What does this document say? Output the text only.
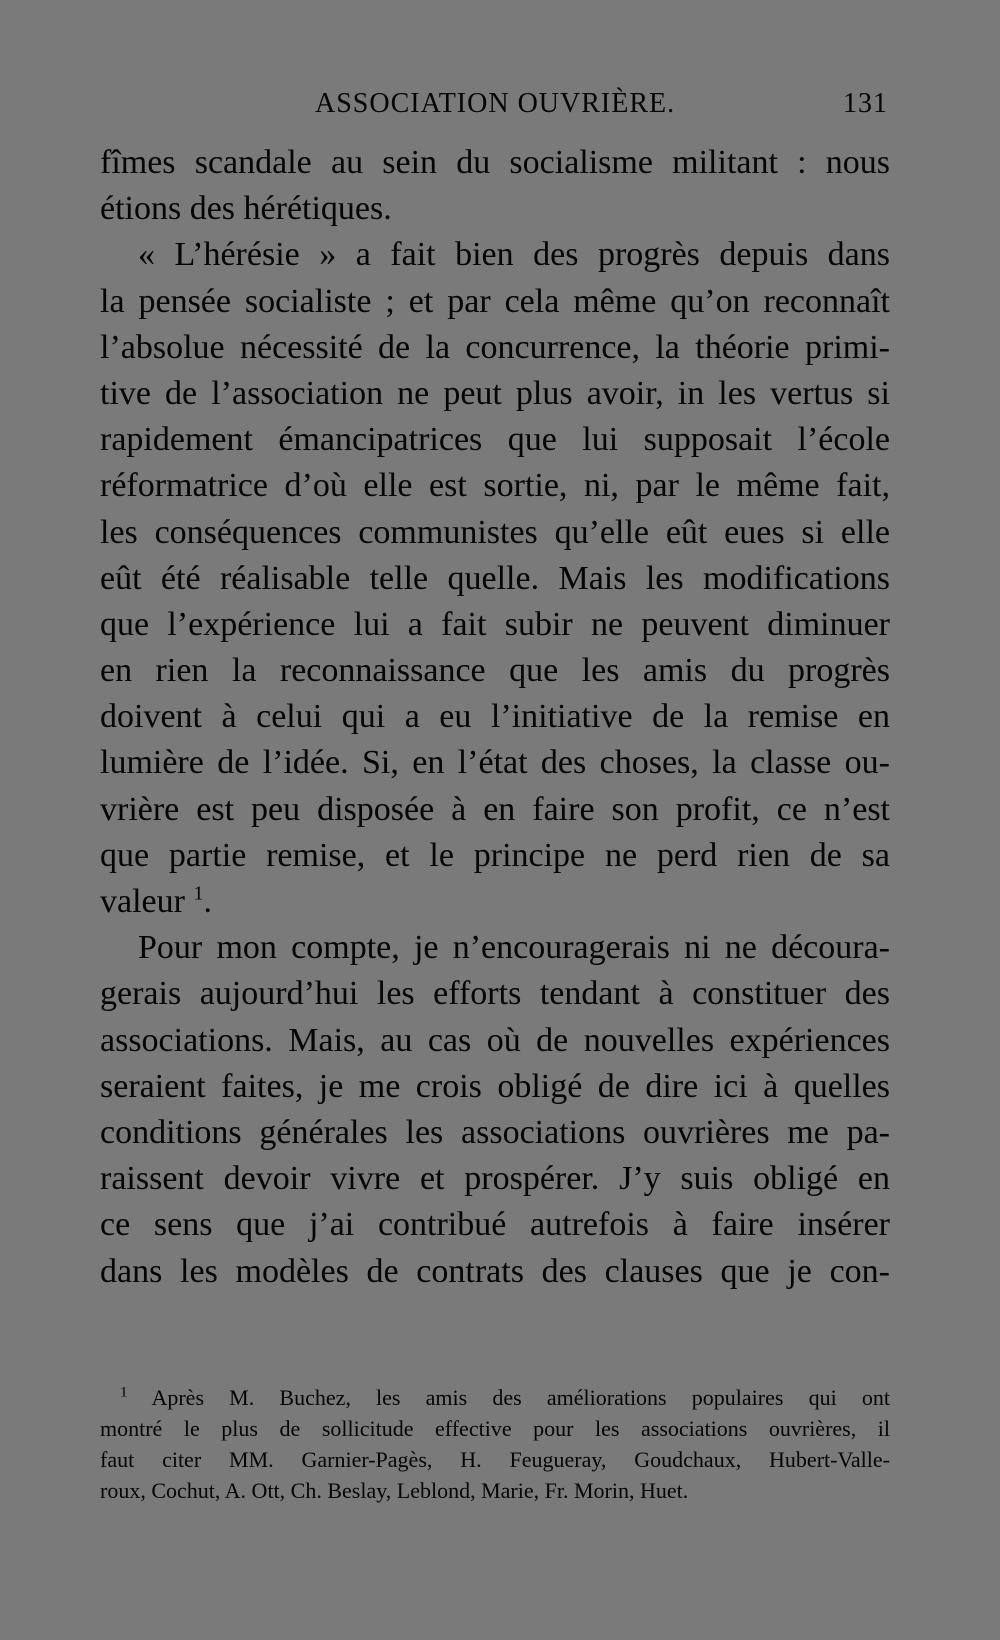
ASSOCIATION OUVRIÈRE.	131
fîmes scandale au sein du socialisme militant : nous
étions des hérétiques.
« L’hérésie » a fait bien des progrès depuis dans
la pensée socialiste ; et par cela même qu’on reconnaît
l’absolue nécessité de la concurrence, la théorie primi-
tive de l’association ne peut plus avoir, in les vertus si
rapidement émancipatrices que lui supposait l’école
réformatrice d’où elle est sortie, ni, par le même fait,
les conséquences communistes qu’elle eût eues si elle
eût été réalisable telle quelle. Mais les modifications
que l’expérience lui a fait subir ne peuvent diminuer
en rien la reconnaissance que les amis du progrès
doivent à celui qui a eu l’initiative de la remise en
lumière de l’idée. Si, en l’état des choses, la classe ou-
vrière est peu disposée à en faire son profit, ce n’est
que partie remise, et le principe ne perd rien de sa
valeur $^1$.
Pour mon compte, je n’encouragerais ni ne découra-
gerais aujourd’hui les efforts tendant à constituer des
associations. Mais, au cas où de nouvelles expériences
seraient faites, je me crois obligé de dire ici à quelles
conditions générales les associations ouvrières me pa-
raissent devoir vivre et prospérer. J’y suis obligé en
ce sens que j’ai contribué autrefois à faire insérer
dans les modèles de contrats des clauses que je con-
$^1$ Après M. Buchez, les amis des améliorations populaires qui ont
montré le plus de sollicitude effective pour les associations ouvrières, il
faut citer MM. Garnier-Pagès, H. Feugueray, Goudchaux, Hubert-Valle-
roux, Cochut, A. Ott, Ch. Beslay, Leblond, Marie, Fr. Morin, Huet.
